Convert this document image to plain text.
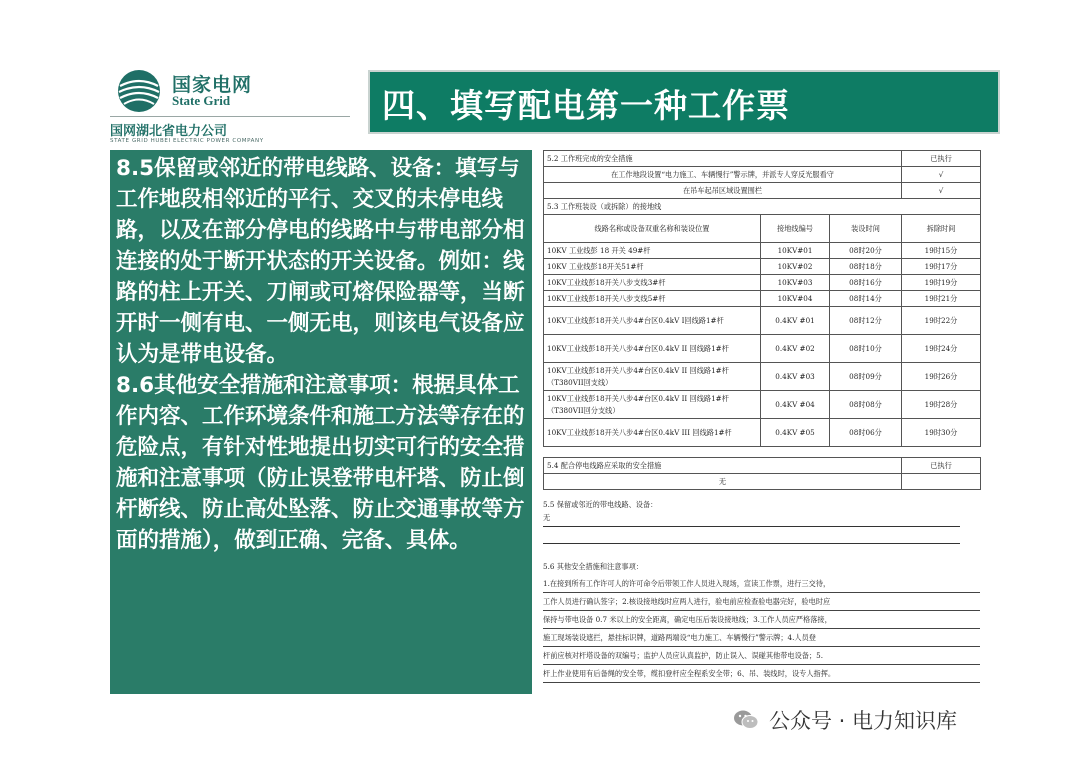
国家电网
State Grid
国网湖北省电力公司
STATE GRID HUBEI ELECTRIC POWER COMPANY
四、填写配电第一种工作票

8.5保留或邻近的带电线路、设备：填写与工作地段相邻近的平行、交叉的未停电线路，以及在部分停电的线路中与带电部分相连接的处于断开状态的开关设备。例如：线路的柱上开关、刀闸或可熔保险器等，当断开时一侧有电、一侧无电，则该电气设备应认为是带电设备。

8.6其他安全措施和注意事项：根据具体工作内容、工作环境条件和施工方法等存在的危险点，有针对性地提出切实可行的安全措施和注意事项（防止误登带电杆塔、防止倒杆断线、防止高处坠落、防止交通事故等方面的措施），做到正确、完备、具体。

5.2 工作班完成的安全措施			已执行
在工作地段设置“电力施工、车辆慢行”警示牌，并派专人穿反光服看守			√
在吊车起吊区域设置围栏			√
5.3 工作班装设（或拆除）的接地线			
线路名称或设备双重名称和装设位置	接地线编号	装设时间	拆除时间
10KV 工业线彭 18 开关 49#杆	10KV#01	08时20分	19时15分
10KV 工业线彭18开关51#杆	10KV#02	08时18分	19时17分
10KV工业线彭18开关八步支线3#杆	10KV#03	08时16分	19时19分
10KV工业线彭18开关八步支线5#杆	10KV#04	08时14分	19时21分
10KV工业线彭18开关八步4#台区0.4kV I回线路1#杆	0.4KV #01	08时12分	19时22分
10KV工业线彭18开关八步4#台区0.4kV II 回线路1#杆	0.4KV #02	08时10分	19时24分
10KV工业线彭18开关八步4#台区0.4kV II 回线路1#杆（T380VII回支线）	0.4KV #03	08时09分	19时26分
10KV工业线彭18开关八步4#台区0.4kV II 回线路1#杆（T380VII回分支线）	0.4KV #04	08时08分	19时28分
10KV工业线彭18开关八步4#台区0.4kV III 回线路1#杆	0.4KV #05	08时06分	19时30分

5.4 配合停电线路应采取的安全措施			已执行
无			
5.5 保留或邻近的带电线路、设备：
无

5.6 其他安全措施和注意事项：

1.在接到所有工作许可人的许可命令后带领工作人员进入现场，宣读工作票，进行三交待，

工作人员进行确认签字；2.核设接地线时应两人进行，验电前应检查验电器完好，验电时应

保持与带电设备 0.7 米以上的安全距离，确定电压后装设接地线；3.工作人员应严格落接，

施工现场装设遮拦，悬挂标识牌，道路两端设“电力施工、车辆慢行”警示牌；4.人员登

杆前应核对杆塔设备的双编号；监护人员应认真监护，防止误入、误碰其他带电设备；5.

杆上作业使用有后备绳的安全带，缆扣登杆应全程系安全带；6、吊、装线时，设专人指挥。

公众号 · 电力知识库
